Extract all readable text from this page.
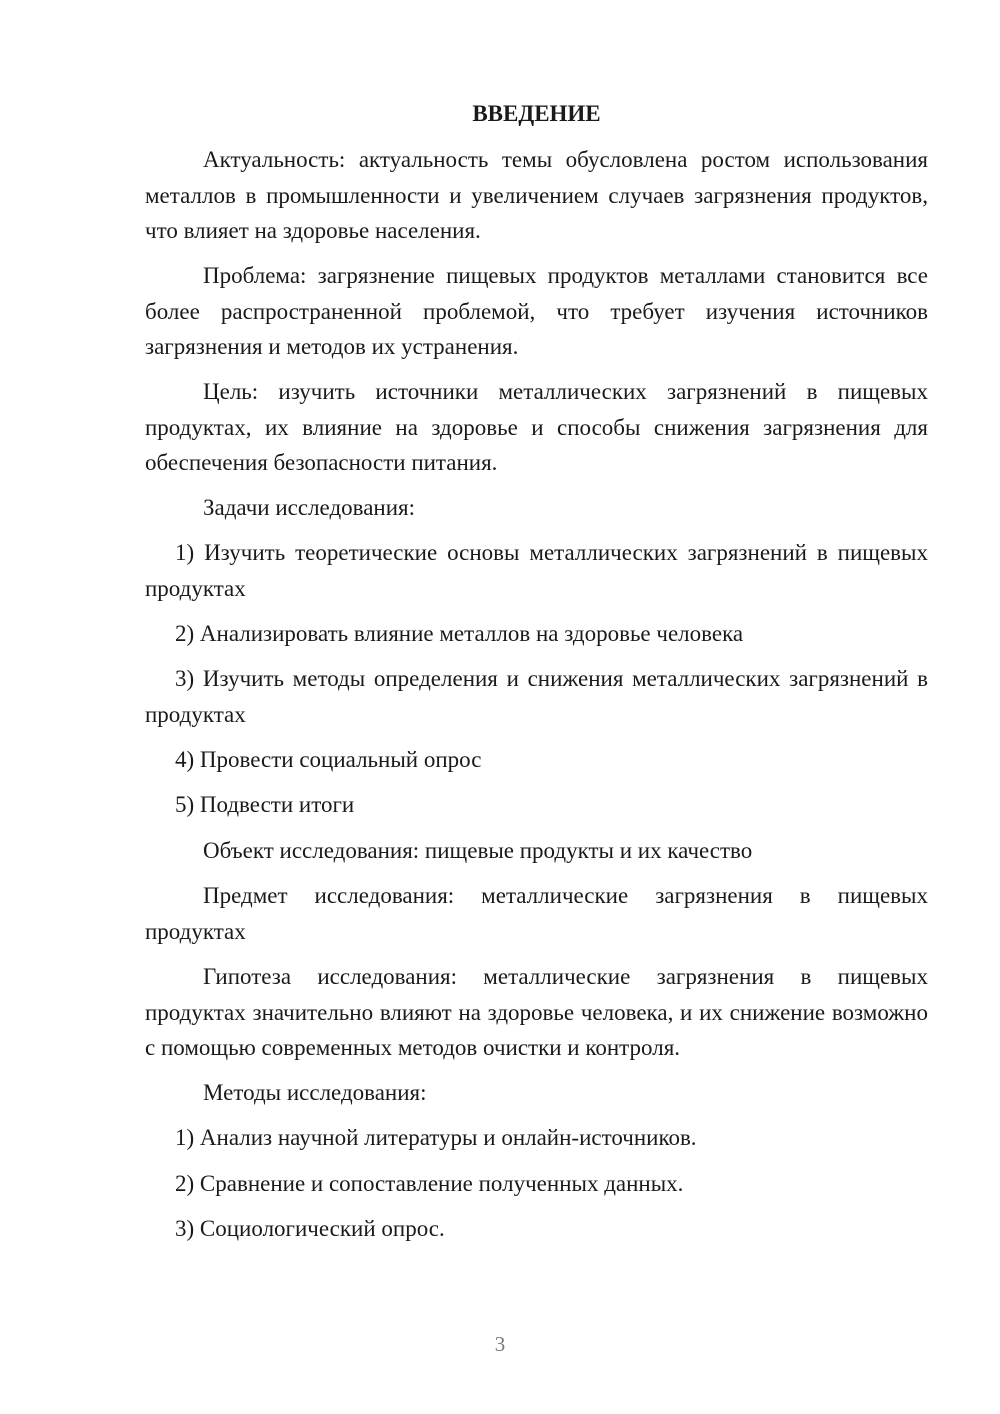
ВВЕДЕНИЕ

Актуальность: актуальность темы обусловлена ростом использования металлов в промышленности и увеличением случаев загрязнения продуктов, что влияет на здоровье населения.

Проблема: загрязнение пищевых продуктов металлами становится все более распространенной проблемой, что требует изучения источников загрязнения и методов их устранения.

Цель: изучить источники металлических загрязнений в пищевых продуктах, их влияние на здоровье и способы снижения загрязнения для обеспечения безопасности питания.

Задачи исследования:

1) Изучить теоретические основы металлических загрязнений в пищевых продуктах

2) Анализировать влияние металлов на здоровье человека

3) Изучить методы определения и снижения металлических загрязнений в продуктах

4) Провести социальный опрос

5) Подвести итоги

Объект исследования: пищевые продукты и их качество

Предмет исследования: металлические загрязнения в пищевых продуктах

Гипотеза исследования: металлические загрязнения в пищевых продуктах значительно влияют на здоровье человека, и их снижение возможно с помощью современных методов очистки и контроля.

Методы исследования:

1) Анализ научной литературы и онлайн-источников.

2) Сравнение и сопоставление полученных данных.

3) Социологический опрос.

3
